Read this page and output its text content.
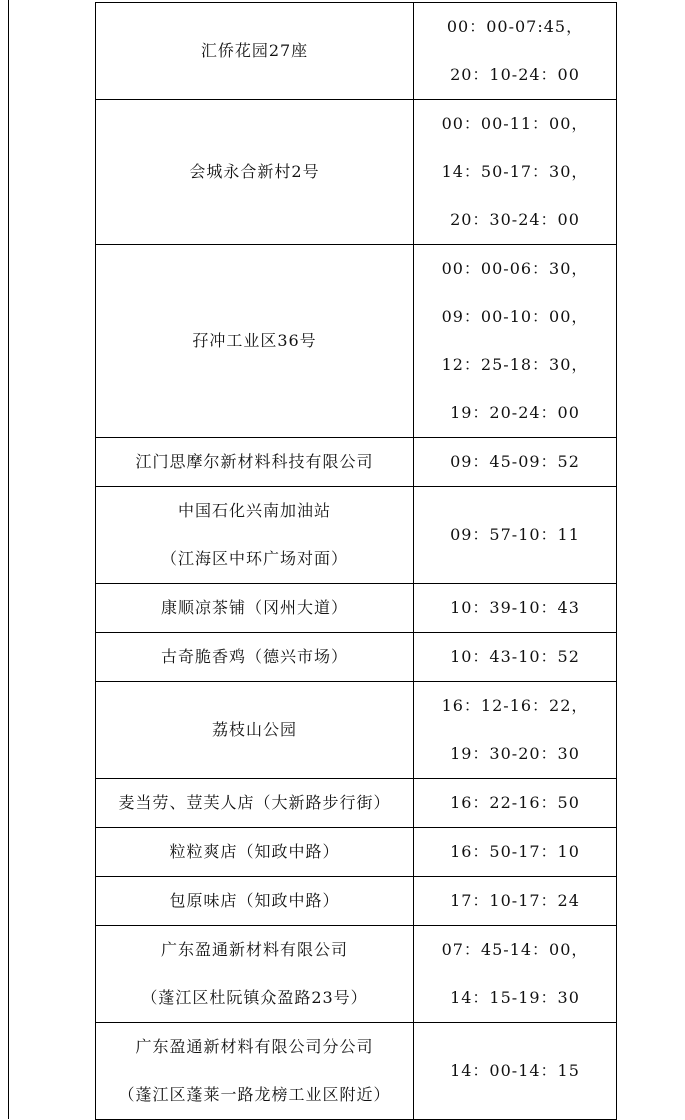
汇侨花园27座	00：00-07:45，
20：10-24：00

会城永合新村2号	00：00-11：00，
14：50-17：30，
20：30-24：00

孖冲工业区36号	00：00-06：30，
09：00-10：00，
12：25-18：30，
19：20-24：00

江门思摩尔新材料科技有限公司	09：45-09：52

中国石化兴南加油站
（江海区中环广场对面）	09：57-10：11

康顺凉茶铺（冈州大道）	10：39-10：43

古奇脆香鸡（德兴市场）	10：43-10：52

荔枝山公园	16：12-16：22，
19：30-20：30

麦当劳、荳芙人店（大新路步行街）	16：22-16：50

粒粒爽店（知政中路）	16：50-17：10

包原味店（知政中路）	17：10-17：24

广东盈通新材料有限公司
（蓬江区杜阮镇众盈路23号）	07：45-14：00，
14：15-19：30

广东盈通新材料有限公司分公司
（蓬江区蓬莱一路龙榜工业区附近）	14：00-14：15
